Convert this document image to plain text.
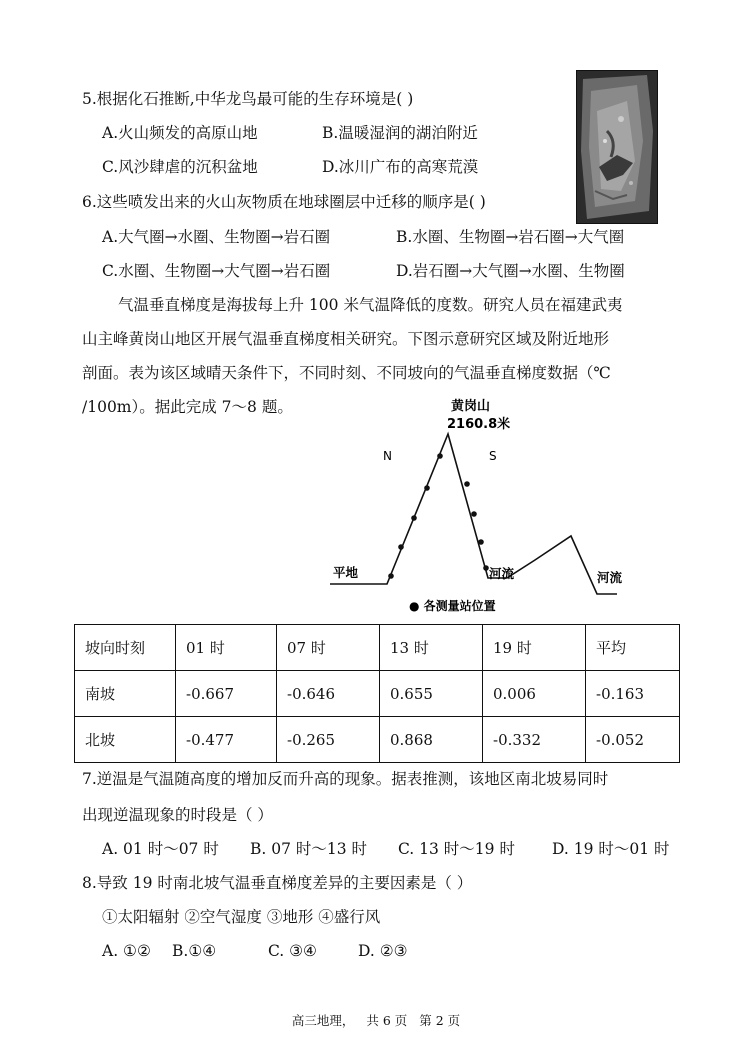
5.根据化石推断,中华龙鸟最可能的生存环境是( )
A.火山频发的高原山地	B.温暖湿润的湖泊附近
C.风沙肆虐的沉积盆地	D.冰川广布的高寒荒漠
6.这些喷发出来的火山灰物质在地球圈层中迁移的顺序是( )
A.大气圈→水圈、生物圈→岩石圈	B.水圈、生物圈→岩石圈→大气圈
C.水圈、生物圈→大气圈→岩石圈	D.岩石圈→大气圈→水圈、生物圈
气温垂直梯度是海拔每上升 100 米气温降低的度数。研究人员在福建武夷
山主峰黄岗山地区开展气温垂直梯度相关研究。下图示意研究区域及附近地形
剖面。表为该区域晴天条件下，不同时刻、不同坡向的气温垂直梯度数据（℃
/100m）。据此完成 7～8 题。	黄岗山
2160.8米
N	S
平地	河流	河流
● 各测量站位置
坡向时刻	01 时	07 时	13 时	19 时	平均
南坡	-0.667	-0.646	0.655	0.006	-0.163
北坡	-0.477	-0.265	0.868	-0.332	-0.052
7.逆温是气温随高度的增加反而升高的现象。据表推测，该地区南北坡易同时
出现逆温现象的时段是（ ）
A. 01 时～07 时 B. 07 时～13 时 C. 13 时～19 时 D. 19 时～01 时
8.导致 19 时南北坡气温垂直梯度差异的主要因素是（ ）
①太阳辐射 ②空气湿度 ③地形 ④盛行风
A. ①② B.①④	C. ③④	D. ②③
高三地理， 共 6 页 第 2 页
